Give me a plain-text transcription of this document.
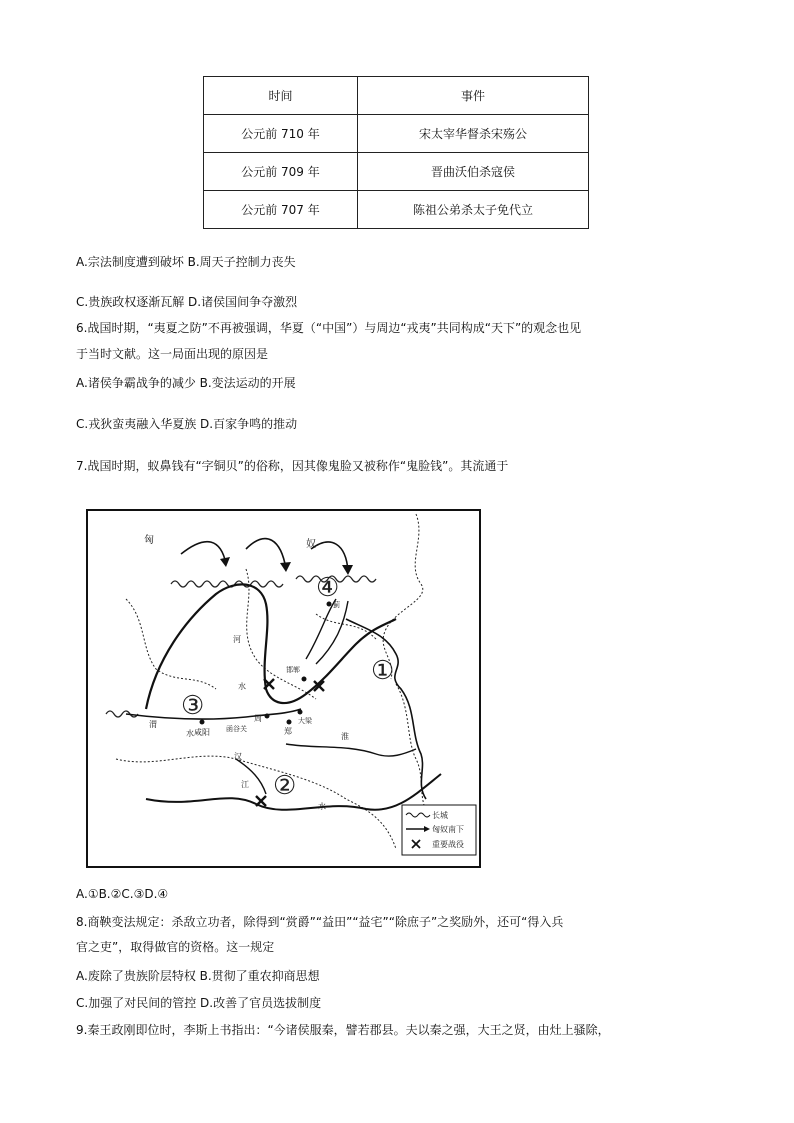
时间	事件
公元前 710 年	宋太宰华督杀宋殇公
公元前 709 年	晋曲沃伯杀寇侯
公元前 707 年	陈祖公弟杀太子免代立
A.宗法制度遭到破坏 B.周天子控制力丧失
C.贵族政权逐渐瓦解 D.诸侯国间争夺激烈
6.战国时期，“夷夏之防”不再被强调，华夏（“中国”）与周边“戎夷”共同构成“天下”的观念也见
于当时文献。这一局面出现的原因是
A.诸侯争霸战争的减少 B.变法运动的开展
C.戎狄蛮夷融入华夏族 D.百家争鸣的推动
7.战国时期，蚁鼻钱有“字铜贝”的俗称，因其像鬼脸又被称作“鬼脸钱”。其流通于
①
②
③
④
匈	奴
河
水
渭
水 咸阳 函谷关
周
郑
大梁
邯郸
蓟
汉
江
淮
水
长城
匈奴南下
重要战役
A.①B.②C.③D.④
8.商鞅变法规定：杀敌立功者，除得到“赏爵”“益田”“益宅”“除庶子”之奖励外，还可“得入兵
官之吏”，取得做官的资格。这一规定
A.废除了贵族阶层特权 B.贯彻了重农抑商思想
C.加强了对民间的管控 D.改善了官员选拔制度
9.秦王政刚即位时，李斯上书指出：“今诸侯服秦，譬若郡县。夫以秦之强，大王之贤，由灶上骚除，
